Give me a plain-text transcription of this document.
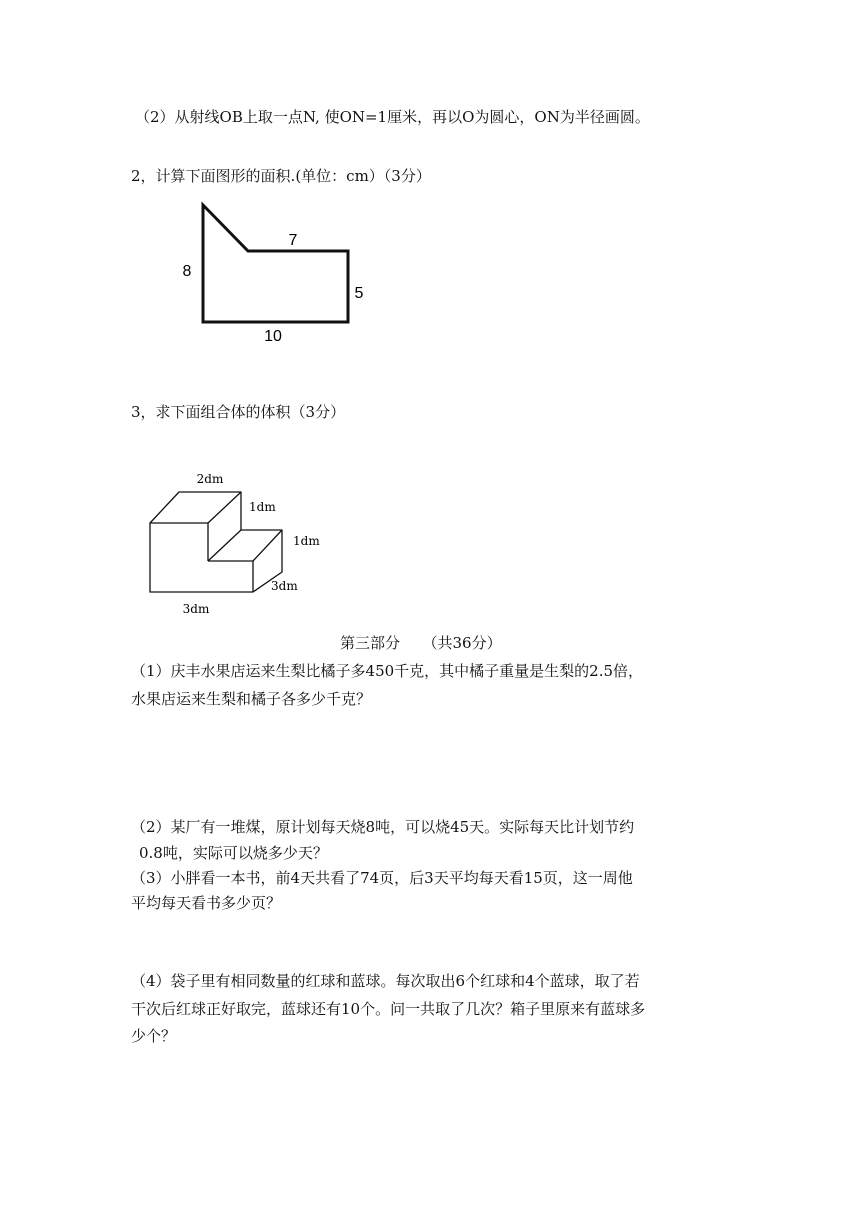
（2）从射线OB上取一点N, 使ON=1厘米，再以O为圆心，ON为半径画圆。
2，计算下面图形的面积.(单位：cm）（3分）
8
7
5
10
3，求下面组合体的体积（3分）
2dm
1dm
1dm
3dm
3dm
第三部分　　（共36分）
（1）庆丰水果店运来生梨比橘子多450千克，其中橘子重量是生梨的2.5倍，
水果店运来生梨和橘子各多少千克？
（2）某厂有一堆煤，原计划每天烧8吨，可以烧45天。实际每天比计划节约
0.8吨，实际可以烧多少天？
（3）小胖看一本书，前4天共看了74页，后3天平均每天看15页，这一周他
平均每天看书多少页？
（4）袋子里有相同数量的红球和蓝球。每次取出6个红球和4个蓝球，取了若
干次后红球正好取完，蓝球还有10个。问一共取了几次？箱子里原来有蓝球多
少个？
